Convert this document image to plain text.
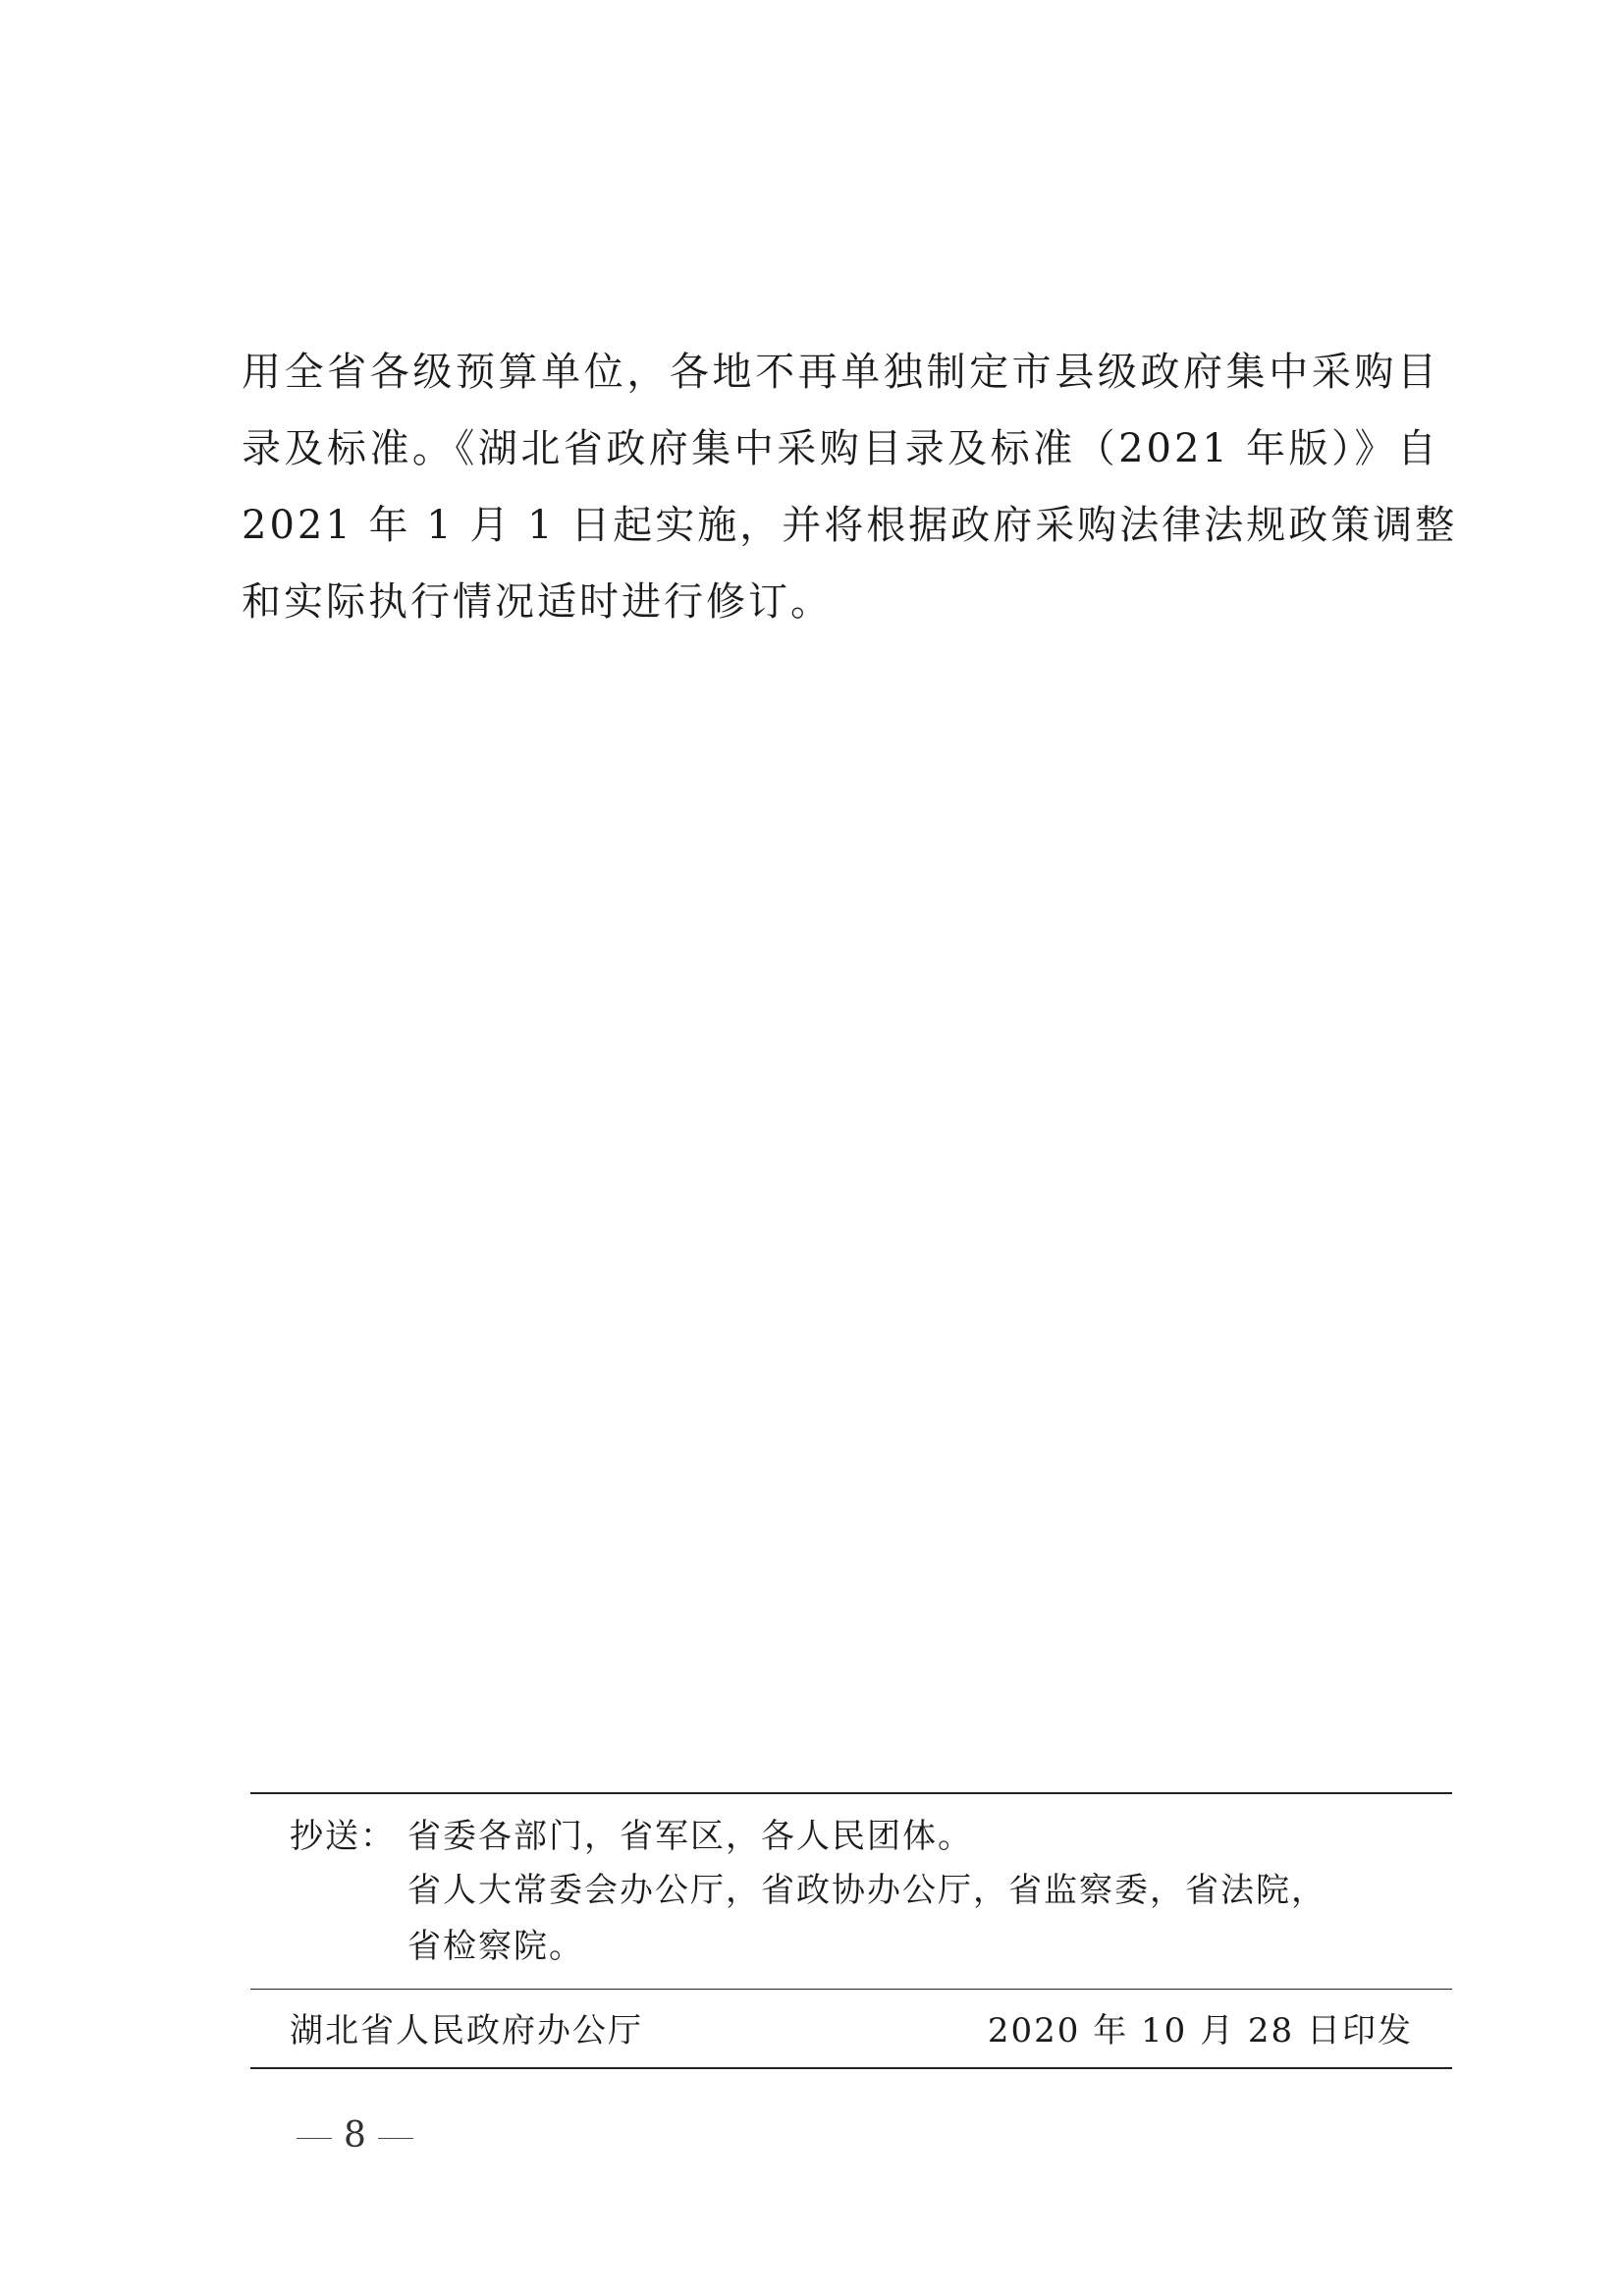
用全省各级预算单位，各地不再单独制定市县级政府集中采购目
录及标准。《湖北省政府集中采购目录及标准（2021 年版）》自
2021 年 1 月 1 日起实施，并将根据政府采购法律法规政策调整
和实际执行情况适时进行修订。
抄送： 省委各部门，省军区，各人民团体。
省人大常委会办公厅，省政协办公厅，省监察委，省法院，
省检察院。
湖北省人民政府办公厅	2020 年 10 月 28 日印发
8
